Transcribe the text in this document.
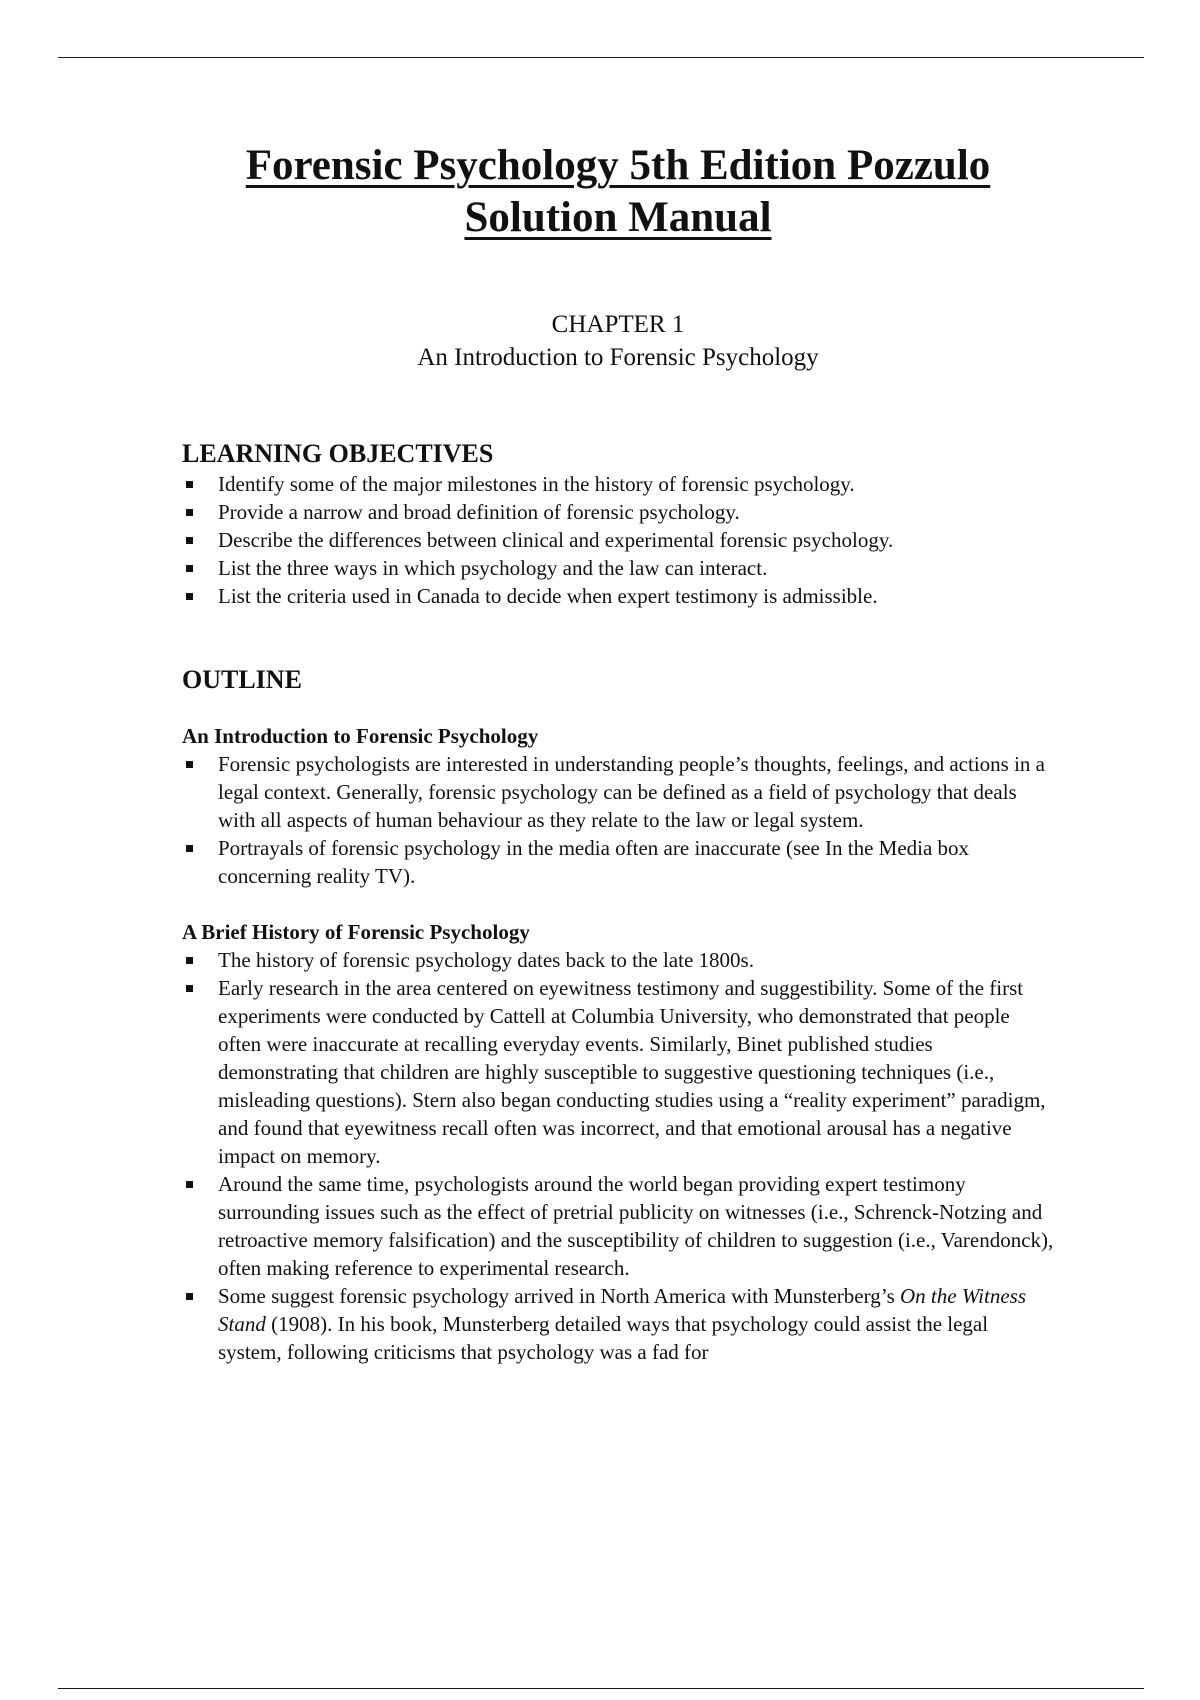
Forensic Psychology 5th Edition Pozzulo
Solution Manual
CHAPTER 1
An Introduction to Forensic Psychology
LEARNING OBJECTIVES
Identify some of the major milestones in the history of forensic psychology.
Provide a narrow and broad definition of forensic psychology.
Describe the differences between clinical and experimental forensic psychology.
List the three ways in which psychology and the law can interact.
List the criteria used in Canada to decide when expert testimony is admissible.
OUTLINE
An Introduction to Forensic Psychology
Forensic psychologists are interested in understanding people’s thoughts, feelings, and actions in a legal context. Generally, forensic psychology can be defined as a field of psychology that deals with all aspects of human behaviour as they relate to the law or legal system.
Portrayals of forensic psychology in the media often are inaccurate (see In the Media box concerning reality TV).
A Brief History of Forensic Psychology
The history of forensic psychology dates back to the late 1800s.
Early research in the area centered on eyewitness testimony and suggestibility. Some of the first experiments were conducted by Cattell at Columbia University, who demonstrated that people often were inaccurate at recalling everyday events. Similarly, Binet published studies demonstrating that children are highly susceptible to suggestive questioning techniques (i.e., misleading questions). Stern also began conducting studies using a “reality experiment” paradigm, and found that eyewitness recall often was incorrect, and that emotional arousal has a negative impact on memory.
Around the same time, psychologists around the world began providing expert testimony surrounding issues such as the effect of pretrial publicity on witnesses (i.e., Schrenck-Notzing and retroactive memory falsification) and the susceptibility of children to suggestion (i.e., Varendonck), often making reference to experimental research.
Some suggest forensic psychology arrived in North America with Munsterberg’s On the Witness Stand (1908). In his book, Munsterberg detailed ways that psychology could assist the legal system, following criticisms that psychology was a fad for
